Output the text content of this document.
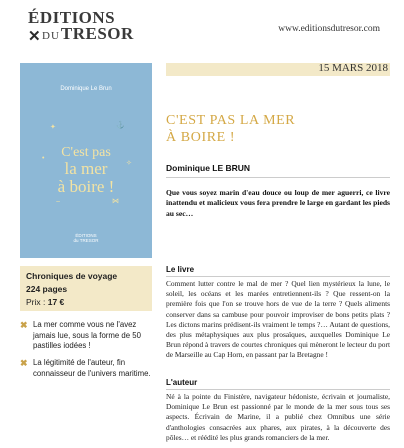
ÉDITIONS
DUTRESOR
✕	www.editionsdutresor.com
15 MARS 2018
Dominique Le Brun
✦	⚓
•
✧
~	⋈
C'est pas
la mer
à boire !
ÉDITIONS
du TRESOR
Chroniques de voyage
224 pages
Prix : 17 €
✖ La mer comme vous ne l'avez jamais lue, sous la forme de 50 pastilles iodées !
✖ La légitimité de l'auteur, fin connaisseur de l'univers maritime.
C'EST PAS LA MER
À BOIRE !
Dominique LE BRUN
Que vous soyez marin d'eau douce ou loup de mer aguerri, ce livre inattendu et malicieux vous fera prendre le large en gardant les pieds au sec…
Le livre
Comment lutter contre le mal de mer ? Quel lien mystérieux la lune, le soleil, les océans et les marées entretiennent-ils ? Que ressent-on la première fois que l'on se trouve hors de vue de la terre ? Quels aliments conserver dans sa cambuse pour pouvoir improviser de bons petits plats ? Les dictons marins prédisent-ils vraiment le temps ?… Autant de questions, des plus métaphysiques aux plus prosaïques, auxquelles Dominique Le Brun répond à travers de courtes chroniques qui mèneront le lecteur du port de Marseille au Cap Horn, en passant par la Bretagne !
L'auteur
Né à la pointe du Finistère, navigateur hédoniste, écrivain et journaliste, Dominique Le Brun est passionné par le monde de la mer sous tous ses aspects. Écrivain de Marine, il a publié chez Omnibus une série d'anthologies consacrées aux phares, aux pirates, à la découverte des pôles… et réédité les plus grands romanciers de la mer.
